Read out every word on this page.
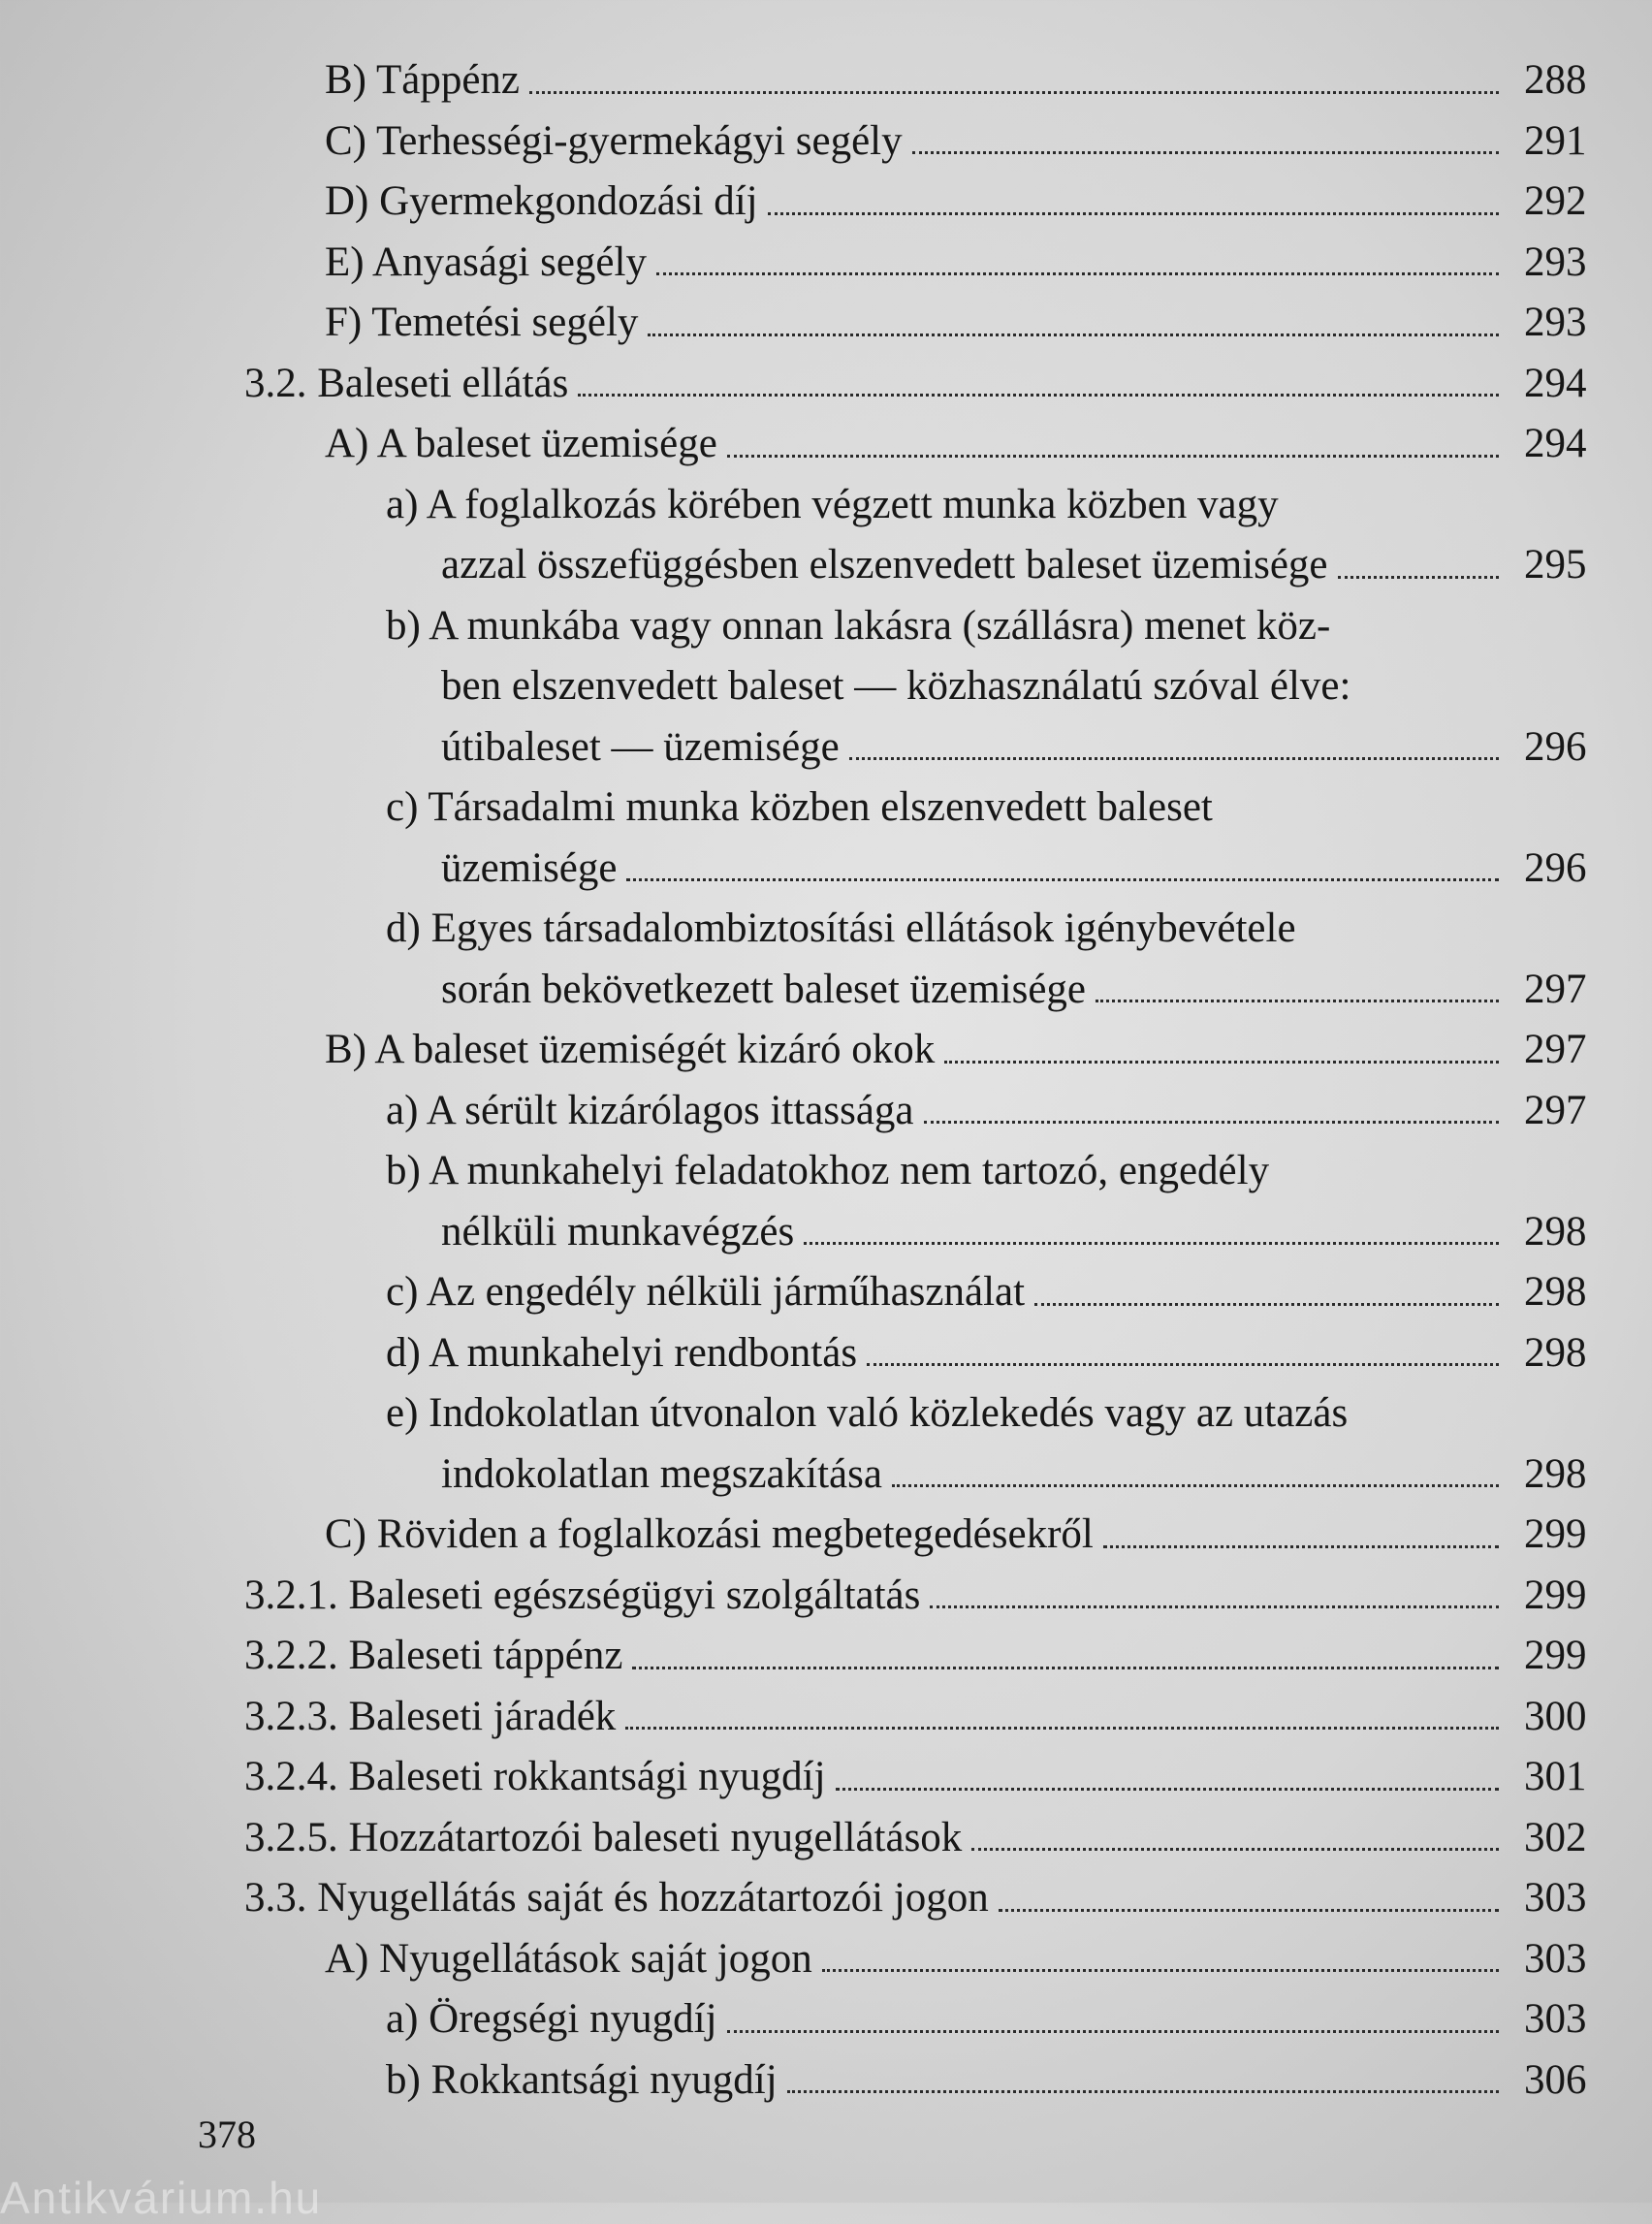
B) Táppénz	288
C) Terhességi-gyermekágyi segély	291
D) Gyermekgondozási díj	292
E) Anyasági segély	293
F) Temetési segély	293
3.2. Baleseti ellátás	294
A) A baleset üzemisége	294
a) A foglalkozás körében végzett munka közben vagy
azzal összefüggésben elszenvedett baleset üzemisége	295
b) A munkába vagy onnan lakásra (szállásra) menet köz-
ben elszenvedett baleset — közhasználatú szóval élve:
útibaleset — üzemisége	296
c) Társadalmi munka közben elszenvedett baleset
üzemisége	296
d) Egyes társadalombiztosítási ellátások igénybevétele
során bekövetkezett baleset üzemisége	297
B) A baleset üzemiségét kizáró okok	297
a) A sérült kizárólagos ittassága	297
b) A munkahelyi feladatokhoz nem tartozó, engedély
nélküli munkavégzés	298
c) Az engedély nélküli járműhasználat	298
d) A munkahelyi rendbontás	298
e) Indokolatlan útvonalon való közlekedés vagy az utazás
indokolatlan megszakítása	298
C) Röviden a foglalkozási megbetegedésekről	299
3.2.1. Baleseti egészségügyi szolgáltatás	299
3.2.2. Baleseti táppénz	299
3.2.3. Baleseti járadék	300
3.2.4. Baleseti rokkantsági nyugdíj	301
3.2.5. Hozzátartozói baleseti nyugellátások	302
3.3. Nyugellátás saját és hozzátartozói jogon	303
A) Nyugellátások saját jogon	303
a) Öregségi nyugdíj	303
b) Rokkantsági nyugdíj	306
378
Antikvárium.hu
